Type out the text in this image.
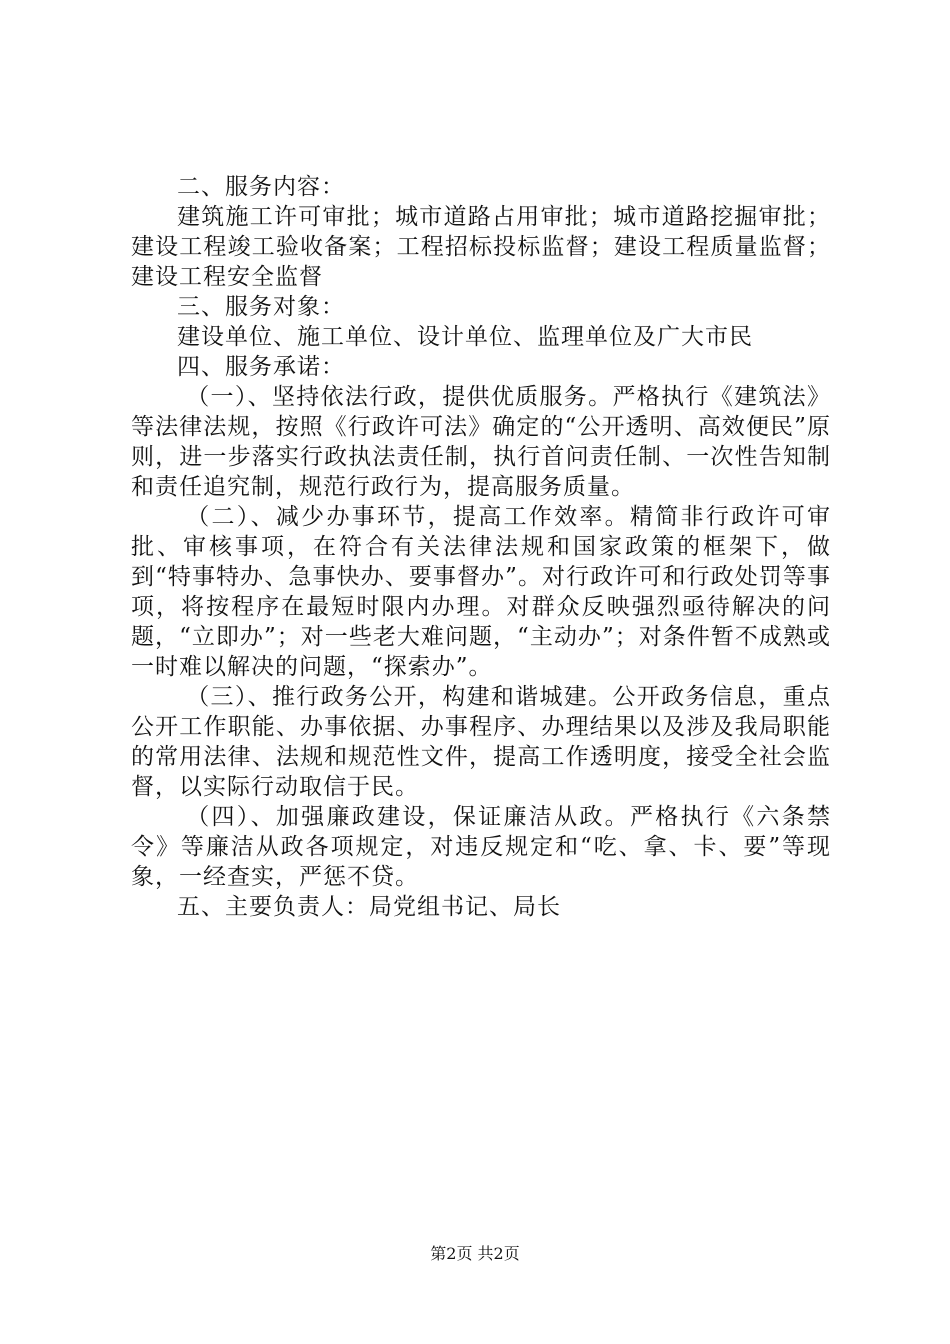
二、服务内容：

建筑施工许可审批；城市道路占用审批；城市道路挖掘审批；建设工程竣工验收备案；工程招标投标监督；建设工程质量监督；建设工程安全监督

三、服务对象：

建设单位、施工单位、设计单位、监理单位及广大市民

四、服务承诺：

（一）、坚持依法行政，提供优质服务。严格执行《建筑法》等法律法规，按照《行政许可法》确定的“公开透明、高效便民”原则，进一步落实行政执法责任制，执行首问责任制、一次性告知制和责任追究制，规范行政行为，提高服务质量。

（二）、减少办事环节，提高工作效率。精简非行政许可审批、审核事项，在符合有关法律法规和国家政策的框架下，做到“特事特办、急事快办、要事督办”。对行政许可和行政处罚等事项，将按程序在最短时限内办理。对群众反映强烈亟待解决的问题，“立即办”；对一些老大难问题，“主动办”；对条件暂不成熟或一时难以解决的问题，“探索办”。

（三）、推行政务公开，构建和谐城建。公开政务信息，重点公开工作职能、办事依据、办事程序、办理结果以及涉及我局职能的常用法律、法规和规范性文件，提高工作透明度，接受全社会监督，以实际行动取信于民。

（四）、加强廉政建设，保证廉洁从政。严格执行《六条禁令》等廉洁从政各项规定，对违反规定和“吃、拿、卡、要”等现象，一经查实，严惩不贷。

五、主要负责人：局党组书记、局长

第2页 共2页
